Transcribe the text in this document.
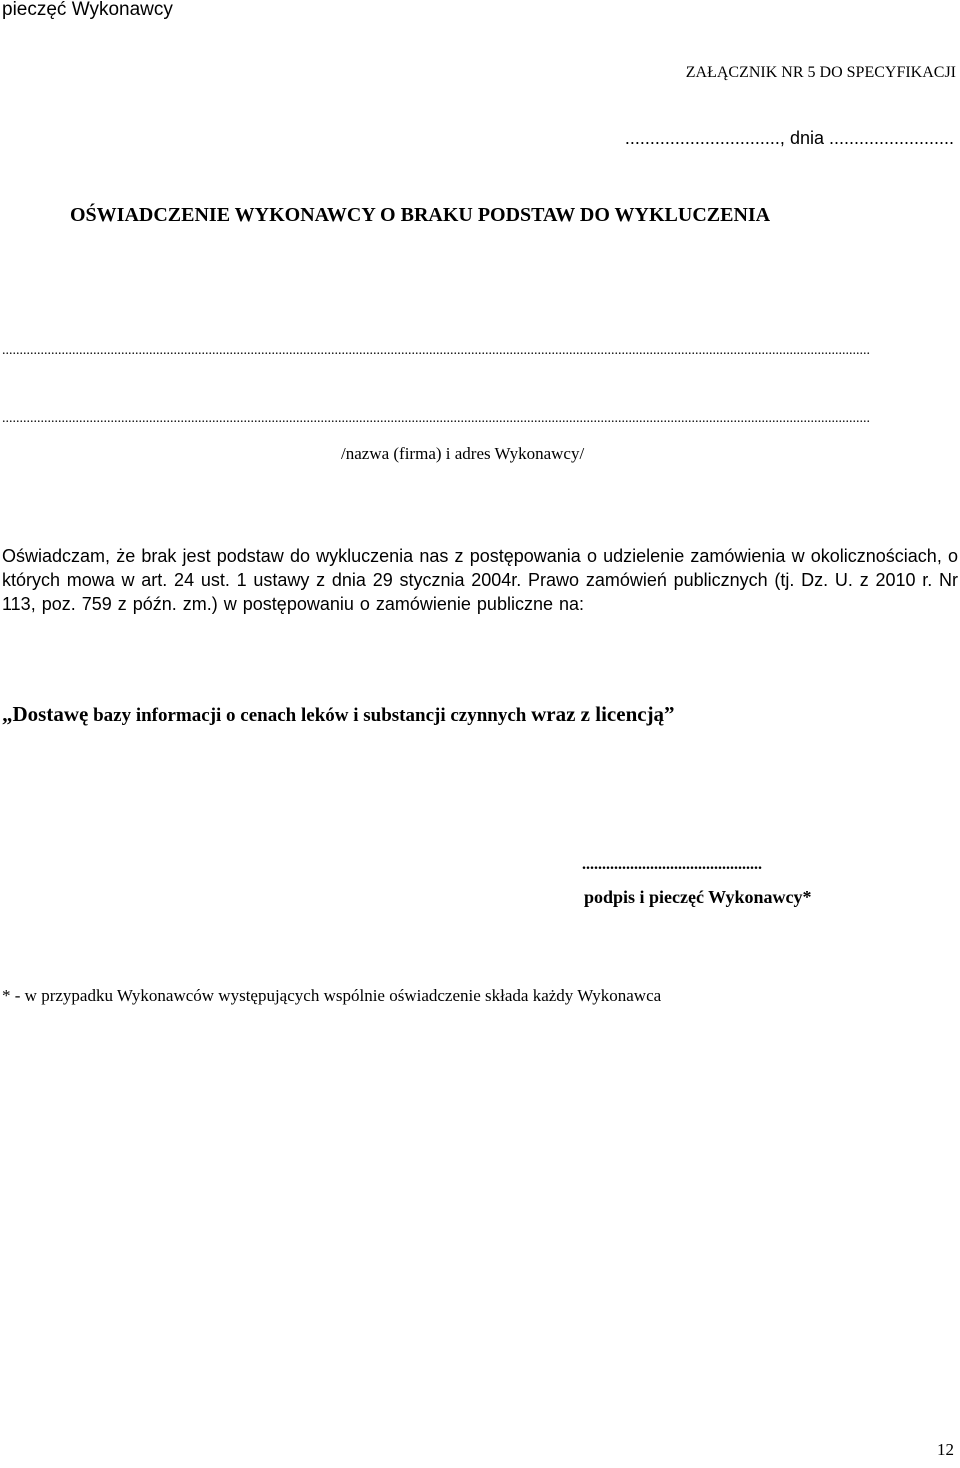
pieczęć Wykonawcy
ZAŁĄCZNIK NR 5 DO SPECYFIKACJI
..............................., dnia .........................
OŚWIADCZENIE WYKONAWCY O BRAKU PODSTAW DO WYKLUCZENIA
........................................................................................................................................................................................................................................................
........................................................................................................................................................................................................................................................
/nazwa (firma) i adres Wykonawcy/
Oświadczam, że brak jest podstaw do wykluczenia nas z postępowania o udzielenie zamówienia w okolicznościach, o których mowa w art. 24 ust. 1 ustawy z dnia 29 stycznia 2004r. Prawo zamówień publicznych (tj. Dz. U. z 2010 r. Nr 113, poz. 759 z późn. zm.) w postępowaniu o zamówienie publiczne na:
„Dostawę bazy informacji o cenach leków i substancji czynnych wraz z licencją”
.............................................
podpis i pieczęć Wykonawcy*
* - w przypadku Wykonawców występujących wspólnie oświadczenie składa każdy Wykonawca
12
